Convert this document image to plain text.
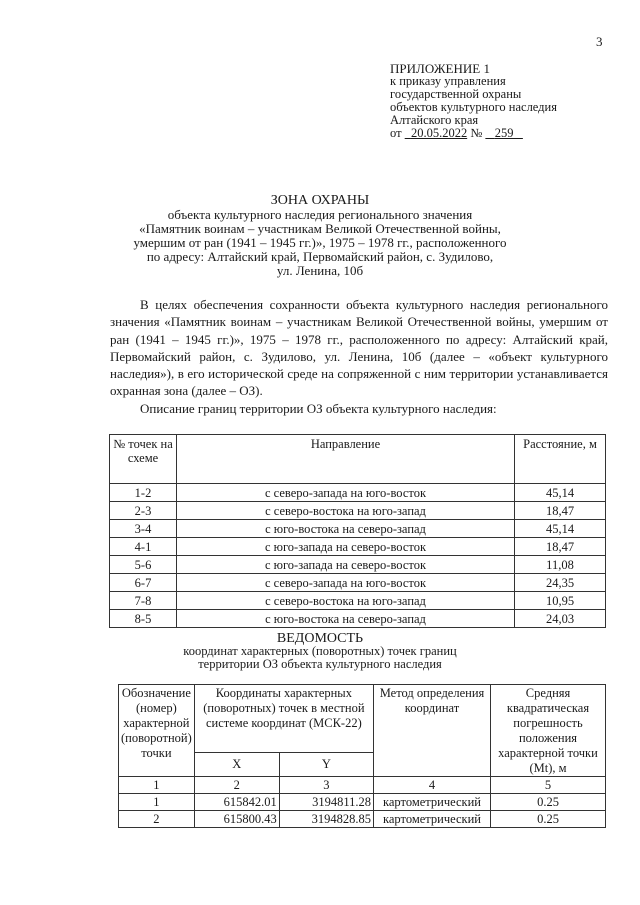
3
ПРИЛОЖЕНИЕ 1
к приказу управления
государственной охраны
объектов культурного наследия
Алтайского края
от 20.05.2022 № 259
ЗОНА ОХРАНЫ
объекта культурного наследия регионального значения
«Памятник воинам – участникам Великой Отечественной войны,
умершим от ран (1941 – 1945 гг.)», 1975 – 1978 гг., расположенного
по адресу: Алтайский край, Первомайский район, с. Зудилово,
ул. Ленина, 10б

В целях обеспечения сохранности объекта культурного наследия регионального значения «Памятник воинам – участникам Великой Отечественной войны, умершим от ран (1941 – 1945 гг.)», 1975 – 1978 гг., расположенного по адресу: Алтайский край, Первомайский район, с. Зудилово, ул. Ленина, 10б (далее – «объект культурного наследия»), в его исторической среде на сопряженной с ним территории устанавливается охранная зона (далее – ОЗ).

Описание границ территории ОЗ объекта культурного наследия:

№ точек на схеме	Направление	Расстояние, м
1-2	с северо-запада на юго-восток	45,14
2-3	с северо-востока на юго-запад	18,47
3-4	с юго-востока на северо-запад	45,14
4-1	с юго-запада на северо-восток	18,47
5-6	с юго-запада на северо-восток	11,08
6-7	с северо-запада на юго-восток	24,35
7-8	с северо-востока на юго-запад	10,95
8-5	с юго-востока на северо-запад	24,03
ВЕДОМОСТЬ
координат характерных (поворотных) точек границ
территории ОЗ объекта культурного наследия
Обозначение (номер) характерной (поворотной) точки	Координаты характерных (поворотных) точек в местной системе координат (МСК-22)		Метод определения координат	Средняя квадратическая погрешность положения характерной точки (Mt), м
	X	Y		
1	2	3	4	5
1	615842.01	3194811.28	картометрический	0.25
2	615800.43	3194828.85	картометрический	0.25
